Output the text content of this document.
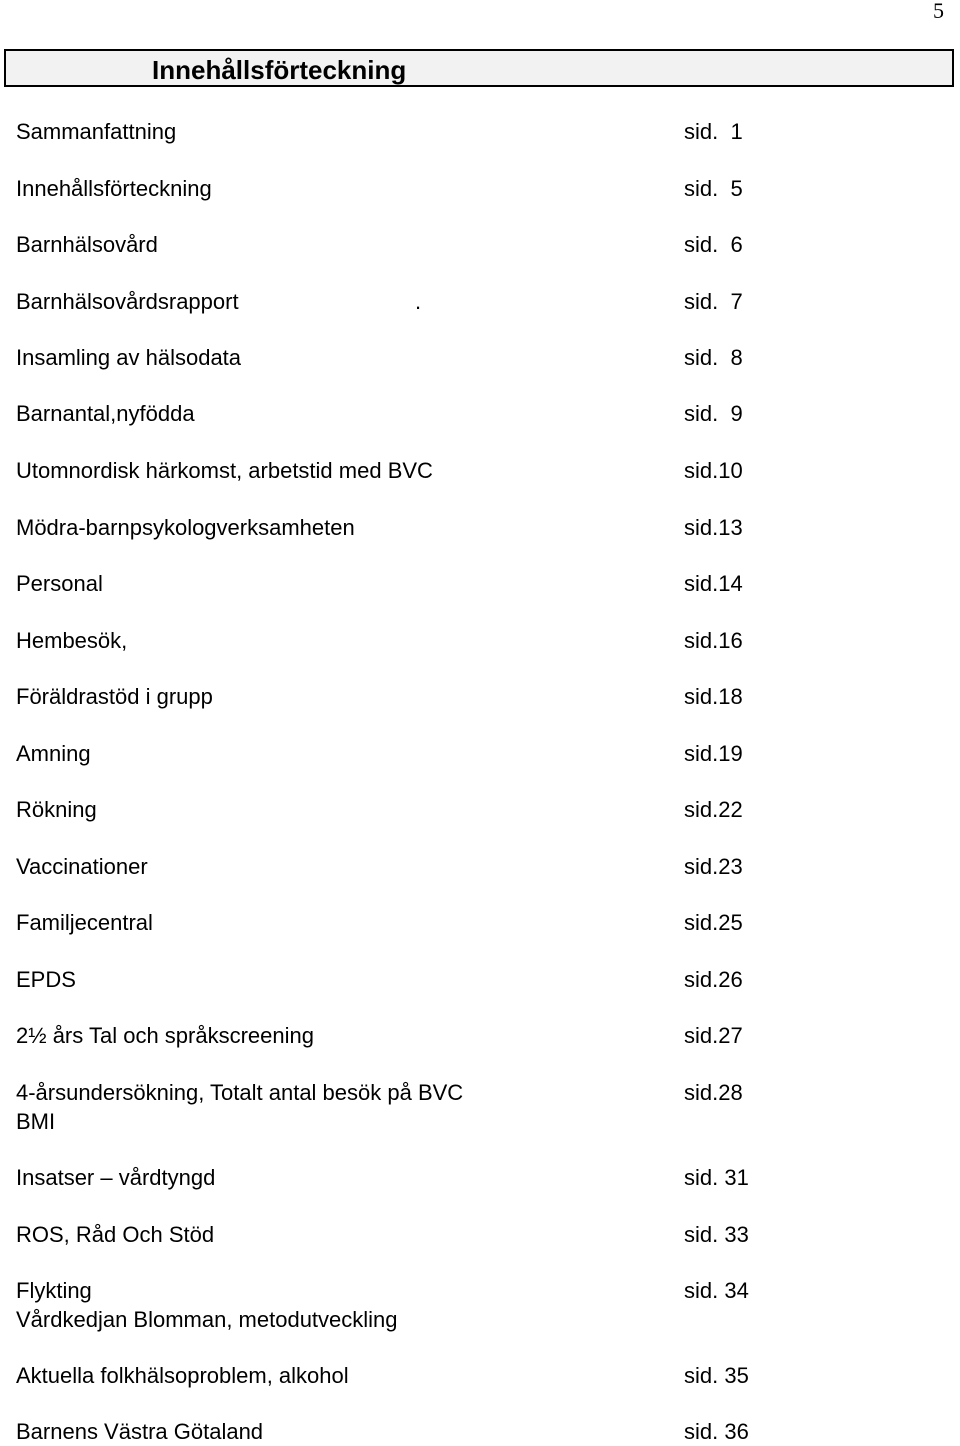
5
Innehållsförteckning
Sammanfattning	sid.  1
Innehållsförteckning	sid.  5
Barnhälsovård	sid.  6
Barnhälsovårdsrapport	.	sid.  7
Insamling av hälsodata	sid.  8
Barnantal,nyfödda	sid.  9
Utomnordisk härkomst, arbetstid med BVC	sid.10
Mödra-barnpsykologverksamheten	sid.13
Personal	sid.14
Hembesök,	sid.16
Föräldrastöd i grupp	sid.18
Amning	sid.19
Rökning	sid.22
Vaccinationer	sid.23
Familjecentral	sid.25
EPDS	sid.26
2½ års Tal och språkscreening	sid.27
4-årsundersökning, Totalt antal besök på BVC	sid.28
BMI
Insatser – vårdtyngd	sid. 31
ROS, Råd Och Stöd	sid. 33
Flykting	sid. 34
Vårdkedjan Blomman, metodutveckling
Aktuella folkhälsoproblem, alkohol	sid. 35
Barnens Västra Götaland	sid. 36
